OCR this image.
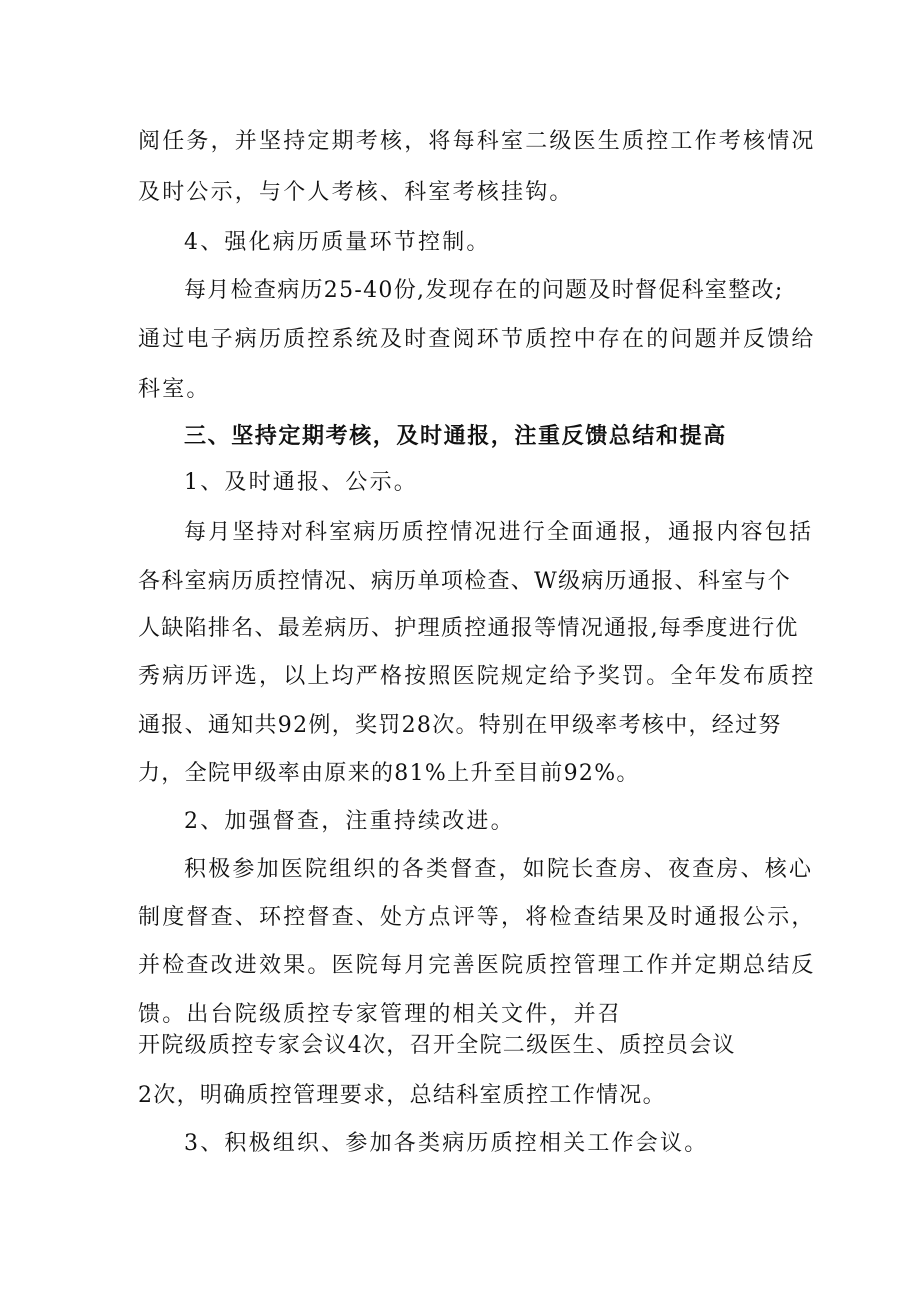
阅任务，并坚持定期考核，将每科室二级医生质控工作考核情况
及时公示，与个人考核、科室考核挂钩。
4、强化病历质量环节控制。
每月检查病历25-40份,发现存在的问题及时督促科室整改;
通过电子病历质控系统及时查阅环节质控中存在的问题并反馈给
科室。
三、坚持定期考核，及时通报，注重反馈总结和提高
1、及时通报、公示。
每月坚持对科室病历质控情况进行全面通报，通报内容包括
各科室病历质控情况、病历单项检查、W级病历通报、科室与个
人缺陷排名、最差病历、护理质控通报等情况通报,每季度进行优
秀病历评选，以上均严格按照医院规定给予奖罚。全年发布质控
通报、通知共92例，奖罚28次。特别在甲级率考核中，经过努
力，全院甲级率由原来的81%上升至目前92%。
2、加强督查，注重持续改进。
积极参加医院组织的各类督查，如院长查房、夜查房、核心
制度督查、环控督查、处方点评等，将检查结果及时通报公示，
并检查改进效果。医院每月完善医院质控管理工作并定期总结反
馈。出台院级质控专家管理的相关文件，并召
开院级质控专家会议4次，召开全院二级医生、质控员会议
2次，明确质控管理要求，总结科室质控工作情况。
3、积极组织、参加各类病历质控相关工作会议。
